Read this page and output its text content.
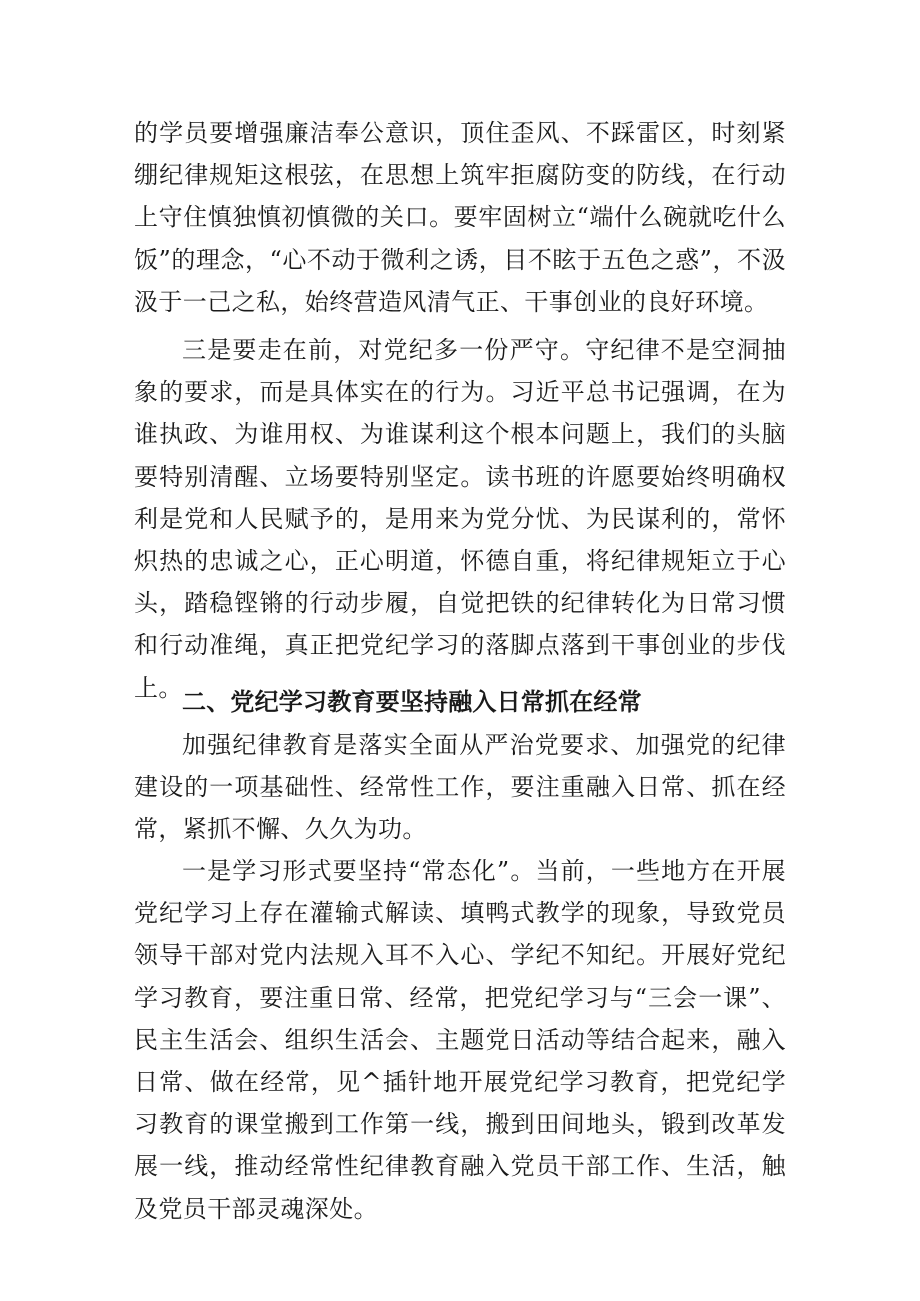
的学员要增强廉洁奉公意识，顶住歪风、不踩雷区，时刻紧绷纪律规矩这根弦，在思想上筑牢拒腐防变的防线，在行动上守住慎独慎初慎微的关口。要牢固树立“端什么碗就吃什么饭”的理念，“心不动于微利之诱，目不眩于五色之惑”，不汲汲于一己之私，始终营造风清气正、干事创业的良好环境。

三是要走在前，对党纪多一份严守。守纪律不是空洞抽象的要求，而是具体实在的行为。习近平总书记强调，在为谁执政、为谁用权、为谁谋利这个根本问题上，我们的头脑要特别清醒、立场要特别坚定。读书班的许愿要始终明确权利是党和人民赋予的，是用来为党分忧、为民谋利的，常怀炽热的忠诚之心，正心明道，怀德自重，将纪律规矩立于心头，踏稳铿锵的行动步履，自觉把铁的纪律转化为日常习惯和行动准绳，真正把党纪学习的落脚点落到干事创业的步伐上。

二、党纪学习教育要坚持融入日常抓在经常

加强纪律教育是落实全面从严治党要求、加强党的纪律建设的一项基础性、经常性工作，要注重融入日常、抓在经常，紧抓不懈、久久为功。

一是学习形式要坚持“常态化”。当前，一些地方在开展党纪学习上存在灌输式解读、填鸭式教学的现象，导致党员领导干部对党内法规入耳不入心、学纪不知纪。开展好党纪学习教育，要注重日常、经常，把党纪学习与“三会一课”、民主生活会、组织生活会、主题党日活动等结合起来，融入日常、做在经常，见^插针地开展党纪学习教育，把党纪学习教育的课堂搬到工作第一线，搬到田间地头，锻到改革发展一线，推动经常性纪律教育融入党员干部工作、生活，触及党员干部灵魂深处。
